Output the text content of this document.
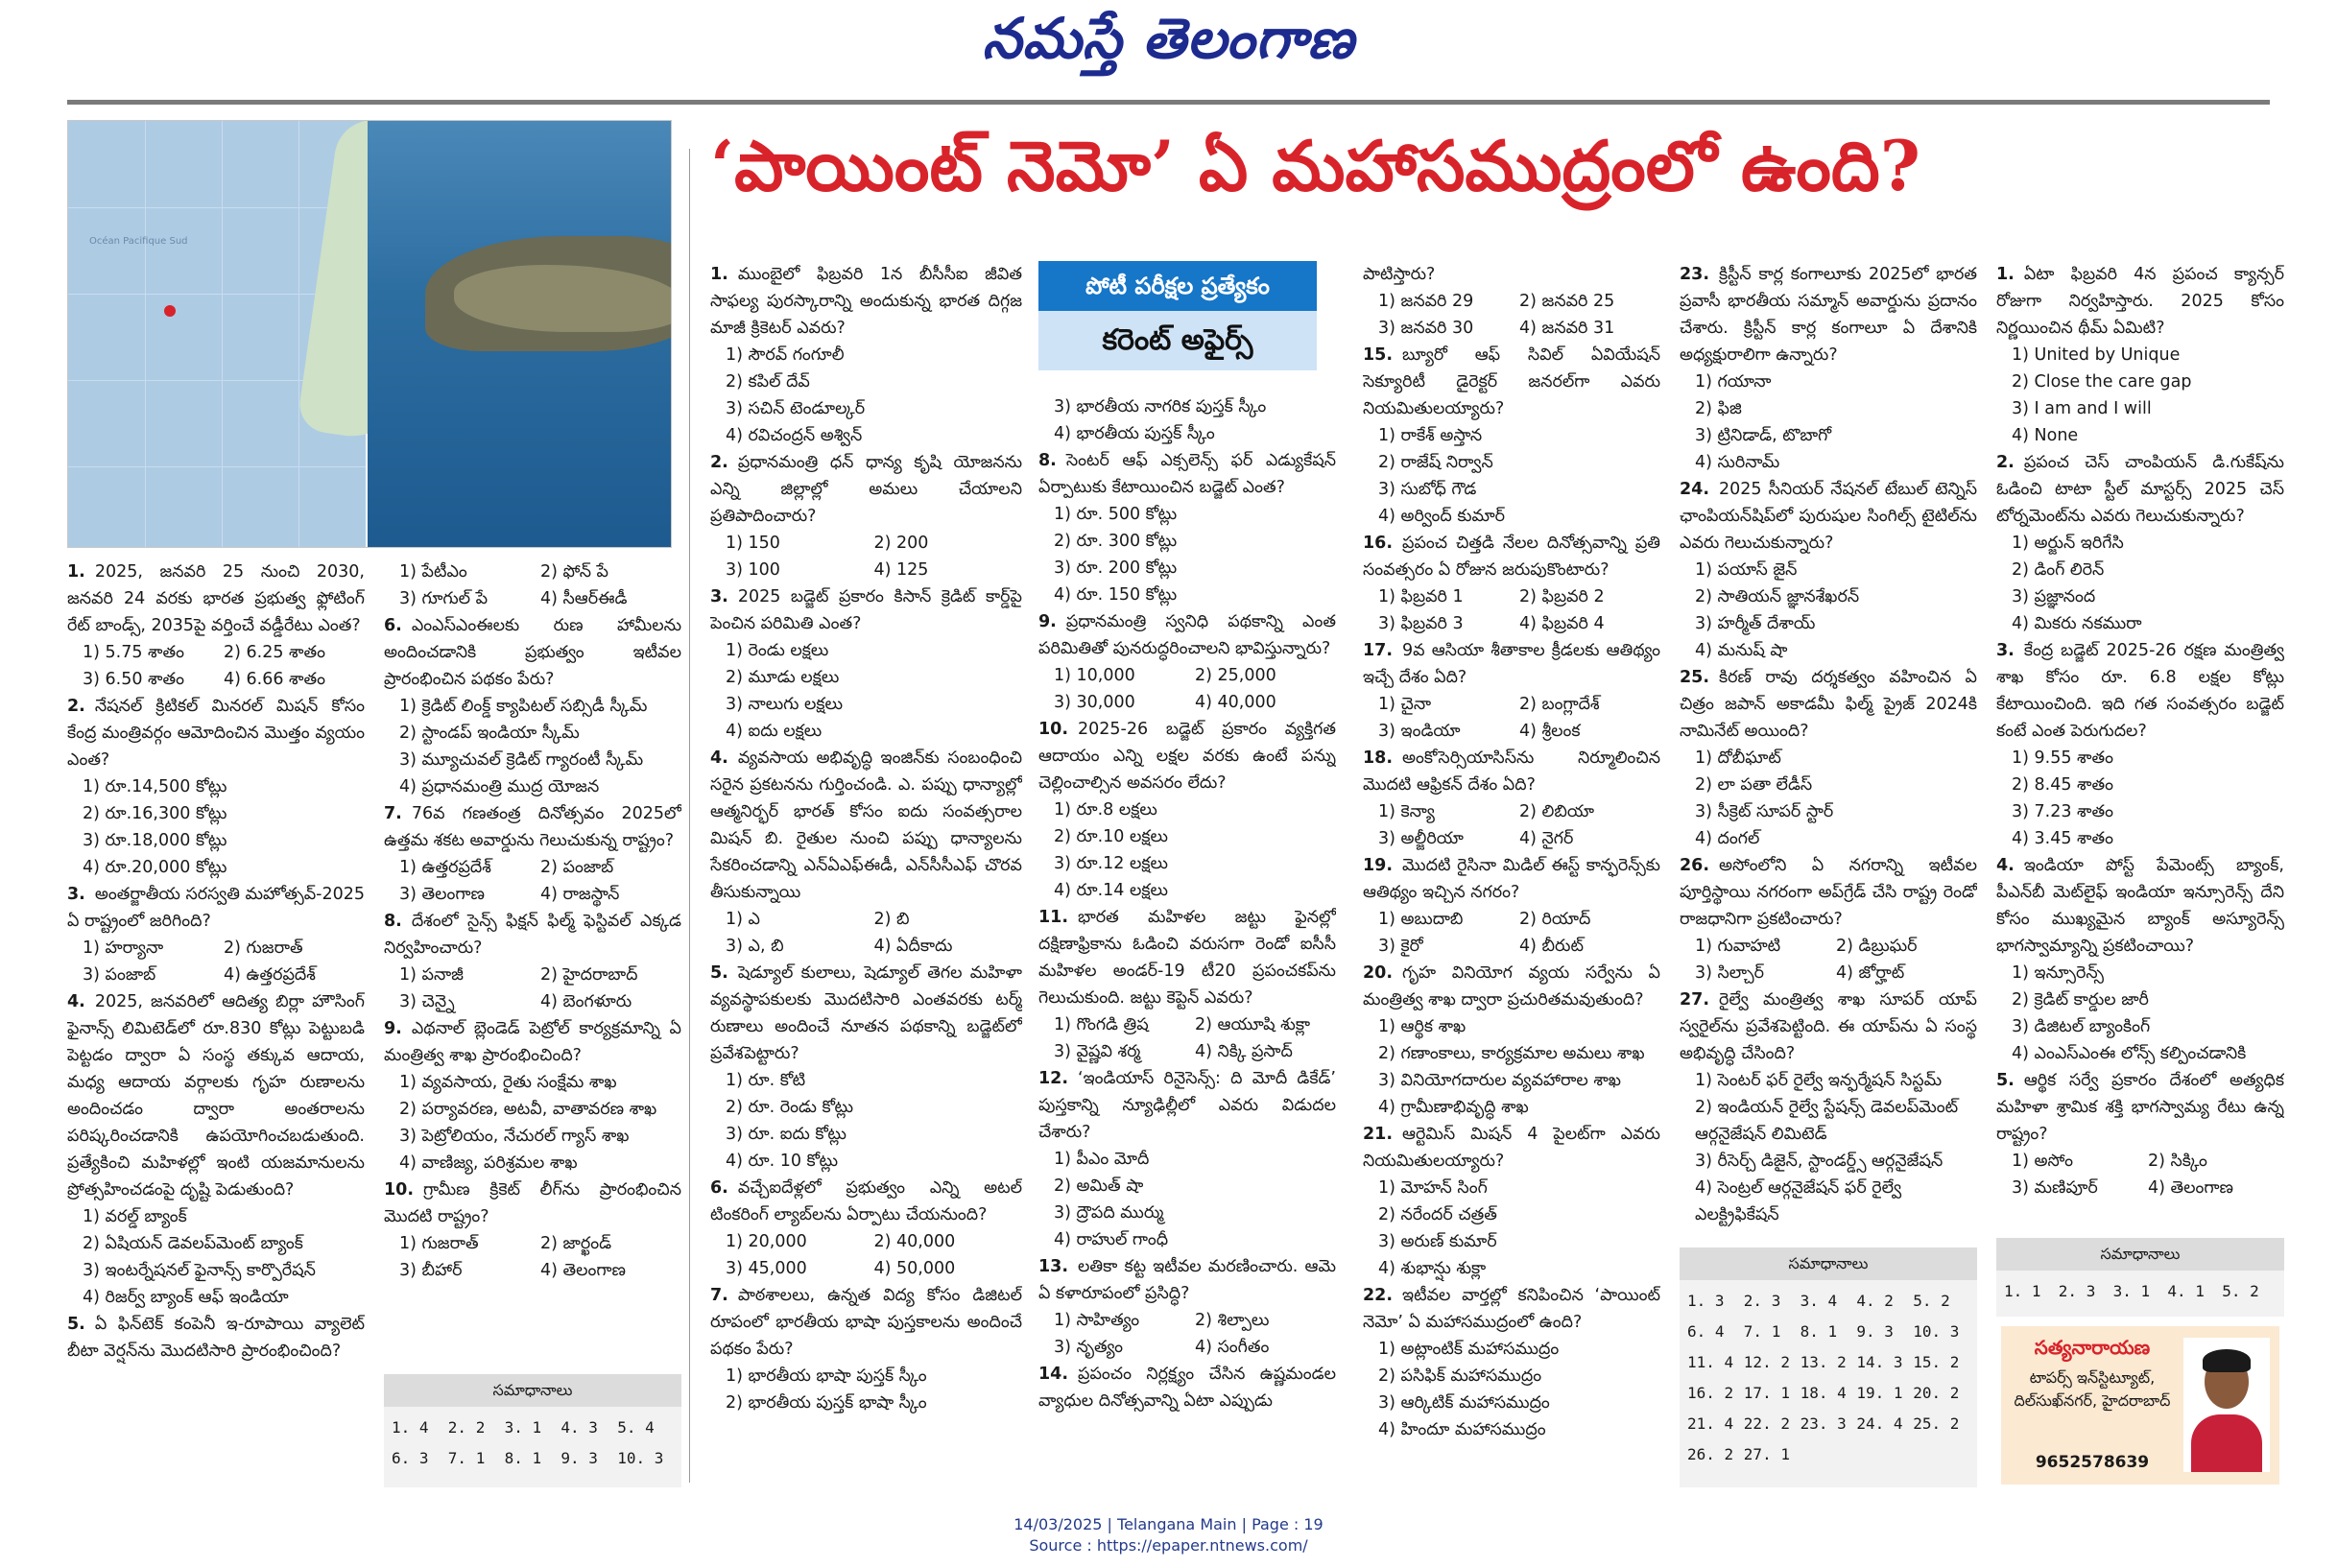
నమస్తే తెలంగాణ
Océan Pacifique Sud
‘పాయింట్ నెమో’ ఏ మహాసముద్రంలో ఉంది?
పోటీ పరీక్షల ప్రత్యేకం
కరెంట్ అఫైర్స్
1. 2025, జనవరి 25 నుంచి 2030, జనవరి 24 వరకు భారత ప్రభుత్వ ఫ్లోటింగ్ రేట్ బాండ్స్, 2035పై వర్తించే వడ్డీరేటు ఎంత?
1) 5.75 శాతం	2) 6.25 శాతం
3) 6.50 శాతం	4) 6.66 శాతం
2. నేషనల్ క్రిటికల్ మినరల్ మిషన్ కోసం కేంద్ర మంత్రివర్గం ఆమోదించిన మొత్తం వ్యయం ఎంత?
1) రూ.14,500 కోట్లు
2) రూ.16,300 కోట్లు
3) రూ.18,000 కోట్లు
4) రూ.20,000 కోట్లు
3. అంతర్జాతీయ సరస్వతి మహోత్సవ్-2025 ఏ రాష్ట్రంలో జరిగింది?
1) హర్యానా	2) గుజరాత్
3) పంజాబ్	4) ఉత్తరప్రదేశ్
4. 2025, జనవరిలో ఆదిత్య బిర్లా హౌసింగ్ ఫైనాన్స్ లిమిటెడ్‌లో రూ.830 కోట్లు పెట్టుబడి పెట్టడం ద్వారా ఏ సంస్థ తక్కువ ఆదాయ, మధ్య ఆదాయ వర్గాలకు గృహ రుణాలను అందించడం ద్వారా అంతరాలను పరిష్కరించడానికి ఉపయోగించబడుతుంది. ప్రత్యేకించి మహిళల్లో ఇంటి యజమానులను ప్రోత్సహించడంపై దృష్టి పెడుతుంది?
1) వరల్డ్ బ్యాంక్
2) ఏషియన్ డెవలప్‌మెంట్ బ్యాంక్
3) ఇంటర్నేషనల్ ఫైనాన్స్ కార్పొరేషన్
4) రిజర్వ్ బ్యాంక్ ఆఫ్ ఇండియా
5. ఏ ఫిన్‌టెక్ కంపెనీ ఇ-రూపాయి వ్యాలెట్ బీటా వెర్షన్‌ను మొదటిసారి ప్రారంభించింది?
1) పేటీఎం	2) ఫోన్ పే
3) గూగుల్ పే	4) సీఆర్‌ఈడీ
6. ఎంఎస్‌ఎంఈలకు రుణ హామీలను అందించడానికి ప్రభుత్వం ఇటీవల ప్రారంభించిన పథకం పేరు?
1) క్రెడిట్ లింక్డ్ క్యాపిటల్ సబ్సిడీ స్కీమ్
2) స్టాండప్ ఇండియా స్కీమ్
3) మ్యూచువల్ క్రెడిట్ గ్యారంటీ స్కీమ్
4) ప్రధానమంత్రి ముద్ర యోజన
7. 76వ గణతంత్ర దినోత్సవం 2025లో ఉత్తమ శకట అవార్డును గెలుచుకున్న రాష్ట్రం?
1) ఉత్తరప్రదేశ్	2) పంజాబ్
3) తెలంగాణ	4) రాజస్థాన్
8. దేశంలో సైన్స్ ఫిక్షన్ ఫిల్మ్ ఫెస్టివల్ ఎక్కడ నిర్వహించారు?
1) పనాజీ	2) హైదరాబాద్
3) చెన్నై	4) బెంగళూరు
9. ఎథనాల్ బ్లెండెడ్ పెట్రోల్ కార్యక్రమాన్ని ఏ మంత్రిత్వ శాఖ ప్రారంభించింది?
1) వ్యవసాయ, రైతు సంక్షేమ శాఖ
2) పర్యావరణ, అటవీ, వాతావరణ శాఖ
3) పెట్రోలియం, నేచురల్ గ్యాస్ శాఖ
4) వాణిజ్య, పరిశ్రమల శాఖ
10. గ్రామీణ క్రికెట్ లీగ్‌ను ప్రారంభించిన మొదటి రాష్ట్రం?
1) గుజరాత్	2) జార్ఖండ్
3) బీహార్	4) తెలంగాణ
1. ముంబైలో ఫిబ్రవరి 1న బీసీసీఐ జీవిత సాఫల్య పురస్కారాన్ని అందుకున్న భారత దిగ్గజ మాజీ క్రికెటర్ ఎవరు?
1) సౌరవ్ గంగూలీ
2) కపిల్ దేవ్
3) సచిన్ టెండూల్కర్
4) రవిచంద్రన్ అశ్విన్
2. ప్రధానమంత్రి ధన్ ధాన్య కృషి యోజనను ఎన్ని జిల్లాల్లో అమలు చేయాలని ప్రతిపాదించారు?
1) 150	2) 200
3) 100	4) 125
3. 2025 బడ్జెట్ ప్రకారం కిసాన్ క్రెడిట్ కార్డ్‌పై పెంచిన పరిమితి ఎంత?
1) రెండు లక్షలు
2) మూడు లక్షలు
3) నాలుగు లక్షలు
4) ఐదు లక్షలు
4. వ్యవసాయ అభివృద్ధి ఇంజిన్‌కు సంబంధించి సరైన ప్రకటనను గుర్తించండి. ఎ. పప్పు ధాన్యాల్లో ఆత్మనిర్భర్ భారత్ కోసం ఐదు సంవత్సరాల మిషన్ బి. రైతుల నుంచి పప్పు ధాన్యాలను సేకరించడాన్ని ఎన్‌ఏఎఫ్‌ఈడీ, ఎన్‌సీసీఎఫ్ చొరవ తీసుకున్నాయి
1) ఎ	2) బి
3) ఎ, బి	4) ఏదీకాదు
5. షెడ్యూల్ కులాలు, షెడ్యూల్ తెగల మహిళా వ్యవస్థాపకులకు మొదటిసారి ఎంతవరకు టర్మ్ రుణాలు అందించే నూతన పథకాన్ని బడ్జెట్‌లో ప్రవేశపెట్టారు?
1) రూ. కోటి
2) రూ. రెండు కోట్లు
3) రూ. ఐదు కోట్లు
4) రూ. 10 కోట్లు
6. వచ్చేఐదేళ్లలో ప్రభుత్వం ఎన్ని అటల్ టింకరింగ్ ల్యాబ్‌లను ఏర్పాటు చేయనుంది?
1) 20,000	2) 40,000
3) 45,000	4) 50,000
7. పాఠశాలలు, ఉన్నత విద్య కోసం డిజిటల్ రూపంలో భారతీయ భాషా పుస్తకాలను అందించే పథకం పేరు?
1) భారతీయ భాషా పుస్తక్ స్కీం
2) భారతీయ పుస్తక్ భాషా స్కీం
3) భారతీయ నాగరిక పుస్తక్ స్కీం
4) భారతీయ పుస్తక్ స్కీం
8. సెంటర్ ఆఫ్ ఎక్సలెన్స్ ఫర్ ఎడ్యుకేషన్ ఏర్పాటుకు కేటాయించిన బడ్జెట్ ఎంత?
1) రూ. 500 కోట్లు
2) రూ. 300 కోట్లు
3) రూ. 200 కోట్లు
4) రూ. 150 కోట్లు
9. ప్రధానమంత్రి స్వనిధి పథకాన్ని ఎంత పరిమితితో పునరుద్ధరించాలని భావిస్తున్నారు?
1) 10,000	2) 25,000
3) 30,000	4) 40,000
10. 2025-26 బడ్జెట్ ప్రకారం వ్యక్తిగత ఆదాయం ఎన్ని లక్షల వరకు ఉంటే పన్ను చెల్లించాల్సిన అవసరం లేదు?
1) రూ.8 లక్షలు
2) రూ.10 లక్షలు
3) రూ.12 లక్షలు
4) రూ.14 లక్షలు
11. భారత మహిళల జట్టు ఫైనల్లో దక్షిణాఫ్రికాను ఓడించి వరుసగా రెండో ఐసీసీ మహిళల అండర్-19 టీ20 ప్రపంచకప్‌ను గెలుచుకుంది. జట్టు కెప్టెన్ ఎవరు?
1) గొంగడి త్రిష	2) ఆయూషి శుక్లా
3) వైష్ణవి శర్మ	4) నిక్కి ప్రసాద్
12. ‘ఇండియాస్ రినైసెన్స్: ది మోదీ డికేడ్’ పుస్తకాన్ని న్యూఢిల్లీలో ఎవరు విడుదల చేశారు?
1) పీఎం మోదీ
2) అమిత్ షా
3) ద్రౌపది ముర్ము
4) రాహుల్ గాంధీ
13. లతికా కట్ట ఇటీవల మరణించారు. ఆమె ఏ కళారూపంలో ప్రసిద్ధి?
1) సాహిత్యం	2) శిల్పాలు
3) నృత్యం	4) సంగీతం
14. ప్రపంచం నిర్లక్ష్యం చేసిన ఉష్ణమండల వ్యాధుల దినోత్సవాన్ని ఏటా ఎప్పుడు
పాటిస్తారు?
1) జనవరి 29	2) జనవరి 25
3) జనవరి 30	4) జనవరి 31
15. బ్యూరో ఆఫ్ సివిల్ ఏవియేషన్ సెక్యూరిటీ డైరెక్టర్ జనరల్‌గా ఎవరు నియమితులయ్యారు?
1) రాకేశ్ అస్తాన
2) రాజేష్ నిర్వాన్
3) సుబోధ్ గౌడ
4) అర్వింద్ కుమార్
16. ప్రపంచ చిత్తడి నేలల దినోత్సవాన్ని ప్రతి సంవత్సరం ఏ రోజున జరుపుకొంటారు?
1) ఫిబ్రవరి 1	2) ఫిబ్రవరి 2
3) ఫిబ్రవరి 3	4) ఫిబ్రవరి 4
17. 9వ ఆసియా శీతాకాల క్రీడలకు ఆతిథ్యం ఇచ్చే దేశం ఏది?
1) చైనా	2) బంగ్లాదేశ్
3) ఇండియా	4) శ్రీలంక
18. అంకోసెర్సియాసిస్‌ను నిర్మూలించిన మొదటి ఆఫ్రికన్ దేశం ఏది?
1) కెన్యా	2) లిబియా
3) అల్జీరియా	4) నైగర్
19. మొదటి రైసినా మిడిల్ ఈస్ట్ కాన్ఫరెన్స్‌కు ఆతిథ్యం ఇచ్చిన నగరం?
1) అబుదాబి	2) రియాద్
3) కైరో	4) బీరుట్
20. గృహ వినియోగ వ్యయ సర్వేను ఏ మంత్రిత్వ శాఖ ద్వారా ప్రచురితమవుతుంది?
1) ఆర్థిక శాఖ
2) గణాంకాలు, కార్యక్రమాల అమలు శాఖ
3) వినియోగదారుల వ్యవహారాల శాఖ
4) గ్రామీణాభివృద్ధి శాఖ
21. ఆర్టెమిస్ మిషన్ 4 పైలట్‌గా ఎవరు నియమితులయ్యారు?
1) మోహన్ సింగ్
2) నరేందర్ చత్రత్
3) అరుణ్ కుమార్
4) శుభాన్షు శుక్లా
22. ఇటీవల వార్తల్లో కనిపించిన ‘పాయింట్ నెమో’ ఏ మహాసముద్రంలో ఉంది?
1) అట్లాంటిక్ మహాసముద్రం
2) పసిఫిక్ మహాసముద్రం
3) ఆర్కిటిక్ మహాసముద్రం
4) హిందూ మహాసముద్రం
23. క్రిస్టీన్ కార్ల కంగాలూకు 2025లో భారత ప్రవాసీ భారతీయ సమ్మాన్ అవార్డును ప్రదానం చేశారు. క్రిస్టీన్ కార్ల కంగాలూ ఏ దేశానికి అధ్యక్షురాలిగా ఉన్నారు?
1) గయానా
2) ఫిజి
3) ట్రినిడాడ్, టొబాగో
4) సురినామ్
24. 2025 సీనియర్ నేషనల్ టేబుల్ టెన్నిస్ ఛాంపియన్‌షిప్‌లో పురుషుల సింగిల్స్ టైటిల్‌ను ఎవరు గెలుచుకున్నారు?
1) పయాస్ జైన్
2) సాతియన్ జ్ఞానశేఖరన్
3) హర్మీత్ దేశాయ్
4) మనుష్ షా
25. కిరణ్ రావు దర్శకత్వం వహించిన ఏ చిత్రం జపాన్ అకాడమీ ఫిల్మ్ ప్రైజ్ 2024కి నామినేట్ అయింది?
1) దోబీఘాట్
2) లా పతా లేడీస్
3) సీక్రెట్ సూపర్ స్టార్
4) దంగల్
26. అసోంలోని ఏ నగరాన్ని ఇటీవల పూర్తిస్థాయి నగరంగా అప్‌గ్రేడ్ చేసి రాష్ట్ర రెండో రాజధానిగా ప్రకటించారు?
1) గువాహటి	2) డిబ్రుఘర్
3) సిల్చార్	4) జోర్హాట్
27. రైల్వే మంత్రిత్వ శాఖ సూపర్ యాప్ స్వరైల్‌ను ప్రవేశపెట్టింది. ఈ యాప్‌ను ఏ సంస్థ అభివృద్ధి చేసింది?
1) సెంటర్ ఫర్ రైల్వే ఇన్ఫర్మేషన్ సిస్టమ్
2) ఇండియన్ రైల్వే స్టేషన్స్ డెవలప్‌మెంట్ ఆర్గనైజేషన్ లిమిటెడ్
3) రీసెర్చ్ డిజైన్, స్టాండర్డ్స్ ఆర్గనైజేషన్
4) సెంట్రల్ ఆర్గనైజేషన్ ఫర్ రైల్వే ఎలక్ట్రిఫికేషన్
1. ఏటా ఫిబ్రవరి 4న ప్రపంచ క్యాన్సర్ రోజుగా నిర్వహిస్తారు. 2025 కోసం నిర్ణయించిన థీమ్ ఏమిటి?
1) United by Unique
2) Close the care gap
3) I am and I will
4) None
2. ప్రపంచ చెస్ చాంపియన్ డి.గుకేష్‌ను ఓడించి టాటా స్టీల్ మాస్టర్స్ 2025 చెస్ టోర్నమెంట్‌ను ఎవరు గెలుచుకున్నారు?
1) అర్జున్ ఇరిగేసి
2) డింగ్ లిరెన్
3) ప్రజ్ఞానంద
4) మికరు నకమురా
3. కేంద్ర బడ్జెట్ 2025-26 రక్షణ మంత్రిత్వ శాఖ కోసం రూ. 6.8 లక్షల కోట్లు కేటాయించింది. ఇది గత సంవత్సరం బడ్జెట్ కంటే ఎంత పెరుగుదల?
1) 9.55 శాతం
2) 8.45 శాతం
3) 7.23 శాతం
4) 3.45 శాతం
4. ఇండియా పోస్ట్ పేమెంట్స్ బ్యాంక్, పీఎన్‌బీ మెట్‌లైఫ్ ఇండియా ఇన్సూరెన్స్ దేని కోసం ముఖ్యమైన బ్యాంక్ అస్యూరెన్స్ భాగస్వామ్యాన్ని ప్రకటించాయి?
1) ఇన్సూరెన్స్
2) క్రెడిట్ కార్డుల జారీ
3) డిజిటల్ బ్యాంకింగ్
4) ఎంఎస్‌ఎంఈ లోన్స్ కల్పించడానికి
5. ఆర్థిక సర్వే ప్రకారం దేశంలో అత్యధిక మహిళా శ్రామిక శక్తి భాగస్వామ్య రేటు ఉన్న రాష్ట్రం?
1) అసోం	2) సిక్కిం
3) మణిపూర్	4) తెలంగాణ
సమాధానాలు
1. 4	2. 2	3. 1	4. 3	5. 4
6. 3	7. 1	8. 1	9. 3	10. 3
సమాధానాలు
1. 3	2. 3	3. 4	4. 2	5. 2
6. 4	7. 1	8. 1	9. 3	10. 3
11. 4 12. 2 13. 2 14. 3 15. 2
16. 2 17. 1 18. 4 19. 1 20. 2
21. 4 22. 2 23. 3 24. 4 25. 2
26. 2 27. 1
సమాధానాలు
1. 1	2. 3	3. 1	4. 1	5. 2
సత్యనారాయణ
టాపర్స్ ఇన్‌స్టిట్యూట్, దిల్‌సుఖ్‌నగర్, హైదరాబాద్
9652578639
14/03/2025 | Telangana Main | Page : 19
Source : https://epaper.ntnews.com/
